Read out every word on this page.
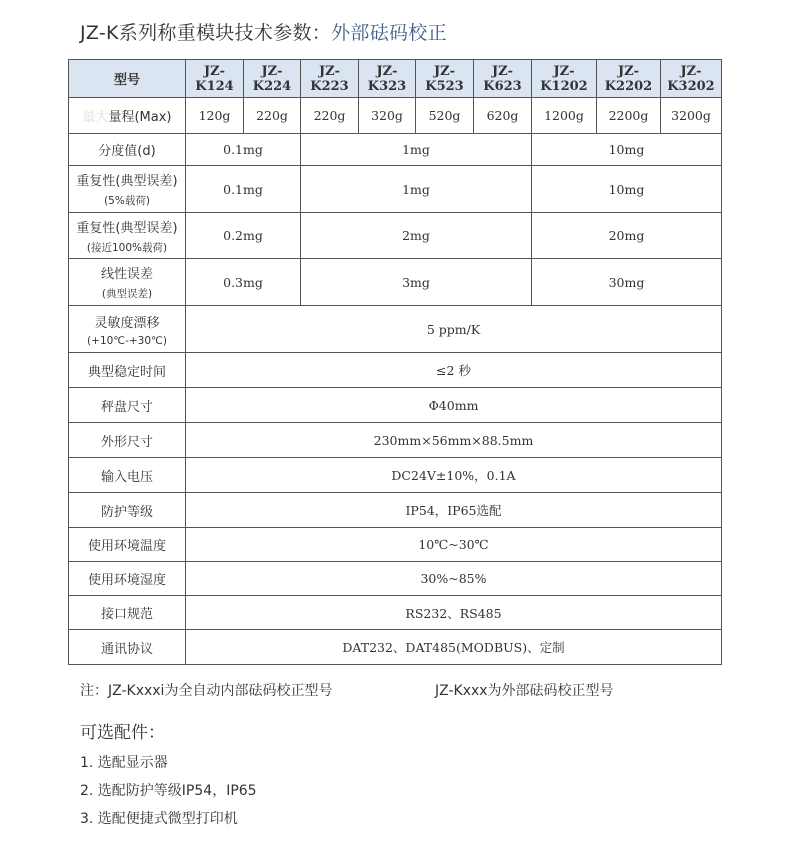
JZ-K系列称重模块技术参数：外部砝码校正
型号	JZ-K124	JZ-K224	JZ-K223	JZ-K323	JZ-K523	JZ-K623	JZ-K1202	JZ-K2202	JZ-K3202
最大量程(Max)	120g	220g	220g	320g	520g	620g	1200g	2200g	3200g
分度值(d)	0.1mg		1mg				10mg		
重复性(典型误差)
(5%载荷)	0.1mg		1mg				10mg		
重复性(典型误差)
(接近100%载荷)	0.2mg		2mg				20mg		
线性误差
(典型误差)	0.3mg		3mg				30mg		
灵敏度漂移
(+10℃-+30℃)	5 ppm/K								
典型稳定时间	≤2 秒								
秤盘尺寸	Φ40mm								
外形尺寸	230mm×56mm×88.5mm								
输入电压	DC24V±10%，0.1A								
防护等级	IP54，IP65选配								
使用环境温度	10℃~30℃								
使用环境湿度	30%~85%								
接口规范	RS232、RS485								
通讯协议	DAT232、DAT485(MODBUS)、定制								
注：JZ-Kxxxi为全自动内部砝码校正型号	JZ-Kxxx为外部砝码校正型号
可选配件：
1. 选配显示器
2. 选配防护等级IP54，IP65
3. 选配便捷式微型打印机
